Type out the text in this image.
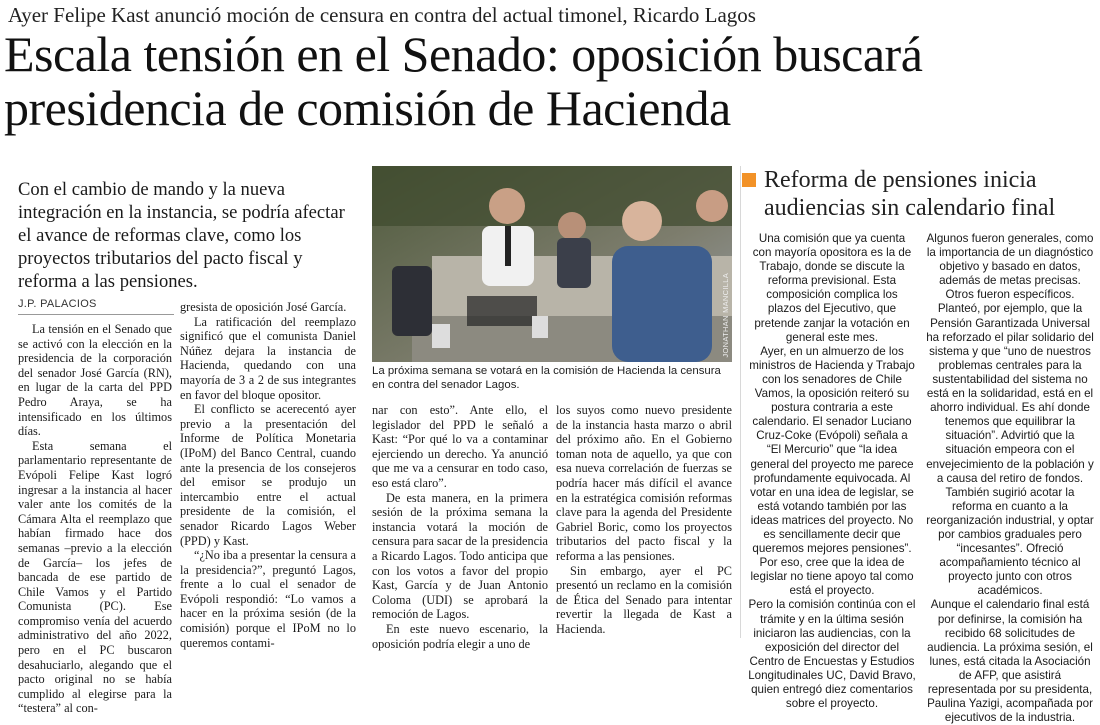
Ayer Felipe Kast anunció moción de censura en contra del actual timonel, Ricardo Lagos
Escala tensión en el Senado: oposición buscará
presidencia de comisión de Hacienda
Con el cambio de mando y la nueva integración en la instancia, se podría afectar el avance de reformas clave, como los proyectos tributarios del pacto fiscal y reforma a las pensiones.
J.P. PALACIOS

La tensión en el Senado que se activó con la elección en la presidencia de la corporación del senador José García (RN), en lugar de la carta del PPD Pedro Araya, se ha intensificado en los últimos días.

Esta semana el parlamentario representante de Evópoli Felipe Kast logró ingresar a la instancia al hacer valer ante los comités de la Cámara Alta el reemplazo que habían firmado hace dos semanas –previo a la elección de García– los jefes de bancada de ese partido de Chile Vamos y el Partido Comunista (PC). Ese compromiso venía del acuerdo administrativo del año 2022, pero en el PC buscaron desahuciarlo, alegando que el pacto original no se había cumplido al elegirse para la “testera” al con-

gresista de oposición José García.

La ratificación del reemplazo significó que el comunista Daniel Núñez dejara la instancia de Hacienda, quedando con una mayoría de 3 a 2 de sus integrantes en favor del bloque opositor.

El conflicto se acerecentó ayer previo a la presentación del Informe de Política Monetaria (IPoM) del Banco Central, cuando ante la presencia de los consejeros del emisor se produjo un intercambio entre el actual presidente de la comisión, el senador Ricardo Lagos Weber (PPD) y Kast.

“¿No iba a presentar la censura a la presidencia?”, preguntó Lagos, frente a lo cual el senador de Evópoli respondió: “Lo vamos a hacer en la próxima sesión (de la comisión) porque el IPoM no lo queremos contami-

JONATHAN MANCILLA
La próxima semana se votará en la comisión de Hacienda la censura en contra del senador Lagos.

nar con esto”. Ante ello, el legislador del PPD le señaló a Kast: “Por qué lo va a contaminar ejerciendo un derecho. Ya anunció que me va a censurar en todo caso, eso está claro”.

De esta manera, en la primera sesión de la próxima semana la instancia votará la moción de censura para sacar de la presidencia a Ricardo Lagos. Todo anticipa que con los votos a favor del propio Kast, García y de Juan Antonio Coloma (UDI) se aprobará la remoción de Lagos.

En este nuevo escenario, la oposición podría elegir a uno de

los suyos como nuevo presidente de la instancia hasta marzo o abril del próximo año. En el Gobierno toman nota de aquello, ya que con esa nueva correlación de fuerzas se podría hacer más difícil el avance en la estratégica comisión reformas clave para la agenda del Presidente Gabriel Boric, como los proyectos tributarios del pacto fiscal y la reforma a las pensiones.

Sin embargo, ayer el PC presentó un reclamo en la comisión de Ética del Senado para intentar revertir la llegada de Kast a Hacienda.

Reforma de pensiones inicia audiencias sin calendario final

Una comisión que ya cuenta con mayoría opositora es la de Trabajo, donde se discute la reforma previsional. Esta composición complica los plazos del Ejecutivo, que pretende zanjar la votación en general este mes.

Ayer, en un almuerzo de los ministros de Hacienda y Trabajo con los senadores de Chile Vamos, la oposición reiteró su postura contraria a este calendario. El senador Luciano Cruz-Coke (Evópoli) señala a “El Mercurio” que “la idea general del proyecto me parece profundamente equivocada. Al votar en una idea de legislar, se está votando también por las ideas matrices del proyecto. No es sencillamente decir que queremos mejores pensiones”. Por eso, cree que la idea de legislar no tiene apoyo tal como está el proyecto.

Pero la comisión continúa con el trámite y en la última sesión iniciaron las audiencias, con la exposición del director del Centro de Encuestas y Estudios Longitudinales UC, David Bravo, quien entregó diez comentarios sobre el proyecto.

Algunos fueron generales, como la importancia de un diagnóstico objetivo y basado en datos, además de metas precisas.

Otros fueron específicos. Planteó, por ejemplo, que la Pensión Garantizada Universal ha reforzado el pilar solidario del sistema y que “uno de nuestros problemas centrales para la sustentabilidad del sistema no está en la solidaridad, está en el ahorro individual. Es ahí donde tenemos que equilibrar la situación”. Advirtió que la situación empeora con el envejecimiento de la población y a causa del retiro de fondos. También sugirió acotar la reforma en cuanto a la reorganización industrial, y optar por cambios graduales pero “incesantes”. Ofreció acompañamiento técnico al proyecto junto con otros académicos.

Aunque el calendario final está por definirse, la comisión ha recibido 68 solicitudes de audiencia. La próxima sesión, el lunes, está citada la Asociación de AFP, que asistirá representada por su presidenta, Paulina Yazigi, acompañada por ejecutivos de la industria.
